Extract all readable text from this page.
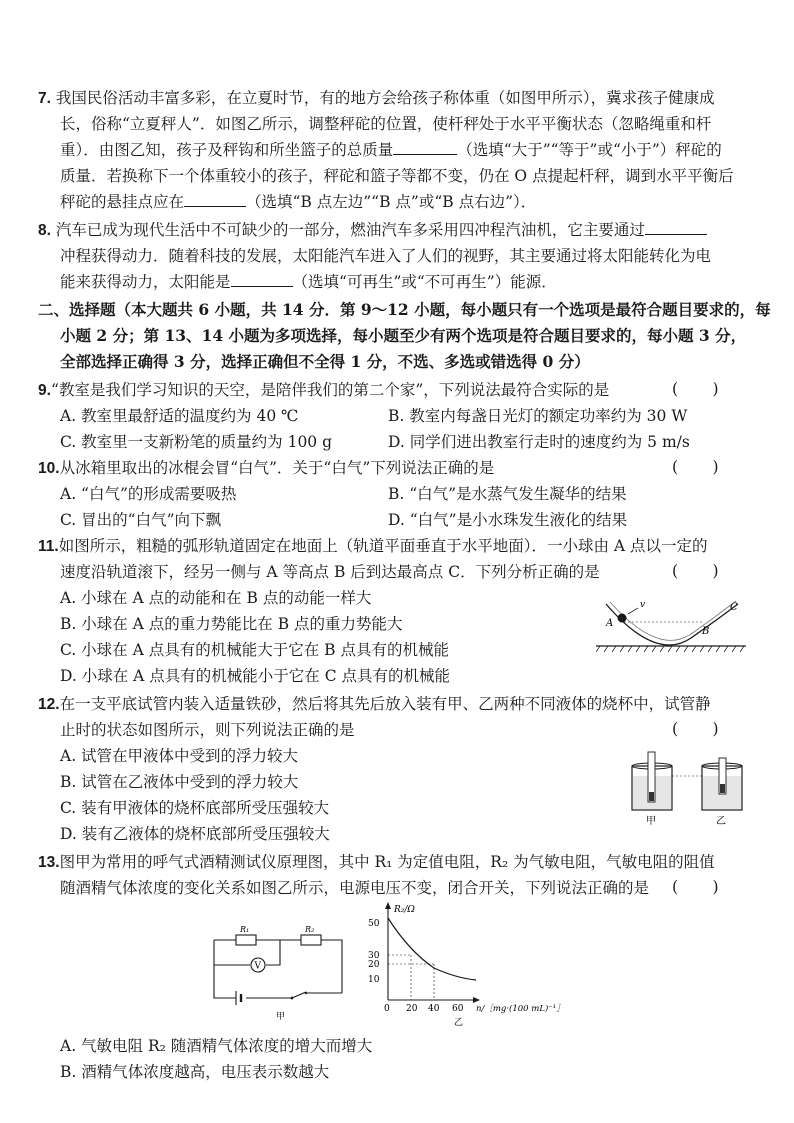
7. 我国民俗活动丰富多彩，在立夏时节，有的地方会给孩子称体重（如图甲所示），冀求孩子健康成
长，俗称“立夏秤人”．如图乙所示，调整秤砣的位置，使杆秤处于水平平衡状态（忽略绳重和杆
重）．由图乙知，孩子及秤钩和所坐篮子的总质量	（选填“大于”“等于”或“小于”）秤砣的
质量．若换称下一个体重较小的孩子，秤砣和篮子等都不变，仍在 O 点提起杆秤，调到水平平衡后
秤砣的悬挂点应在	（选填“B 点左边”“B 点”或“B 点右边”）．
8. 汽车已成为现代生活中不可缺少的一部分，燃油汽车多采用四冲程汽油机，它主要通过
冲程获得动力．随着科技的发展，太阳能汽车进入了人们的视野，其主要通过将太阳能转化为电
能来获得动力，太阳能是	（选填“可再生”或“不可再生”）能源．
二、选择题（本大题共 6 小题，共 14 分．第 9～12 小题，每小题只有一个选项是最符合题目要求的，每
小题 2 分；第 13、14 小题为多项选择，每小题至少有两个选项是符合题目要求的，每小题 3 分，
全部选择正确得 3 分，选择正确但不全得 1 分，不选、多选或错选得 0 分）
9.“教室是我们学习知识的天空，是陪伴我们的第二个家”，下列说法最符合实际的是	(       )
A. 教室里最舒适的温度约为 40 ℃	B. 教室内每盏日光灯的额定功率约为 30 W
C. 教室里一支新粉笔的质量约为 100 g	D. 同学们进出教室行走时的速度约为 5 m/s
10.从冰箱里取出的冰棍会冒“白气”．关于“白气”下列说法正确的是	(       )
A. “白气”的形成需要吸热	B. “白气”是水蒸气发生凝华的结果
C. 冒出的“白气”向下飘	D. “白气”是小水珠发生液化的结果
11.如图所示，粗糙的弧形轨道固定在地面上（轨道平面垂直于水平地面）．一小球由 A 点以一定的
速度沿轨道滚下，经另一侧与 A 等高点 B 后到达最高点 C．下列分析正确的是	(       )
A. 小球在 A 点的动能和在 B 点的动能一样大
B. 小球在 A 点的重力势能比在 B 点的重力势能大
C. 小球在 A 点具有的机械能大于它在 B 点具有的机械能
D. 小球在 A 点具有的机械能小于它在 C 点具有的机械能
v
A
B
C
12.在一支平底试管内装入适量铁砂，然后将其先后放入装有甲、乙两种不同液体的烧杯中，试管静
止时的状态如图所示，则下列说法正确的是	(       )
A. 试管在甲液体中受到的浮力较大
B. 试管在乙液体中受到的浮力较大
C. 装有甲液体的烧杯底部所受压强较大
D. 装有乙液体的烧杯底部所受压强较大
甲	乙
13.图甲为常用的呼气式酒精测试仪原理图，其中 R₁ 为定值电阻，R₂ 为气敏电阻，气敏电阻的阻值
随酒精气体浓度的变化关系如图乙所示，电源电压不变，闭合开关，下列说法正确的是 (       )
R₁	R₂
V
甲
R₂/Ω
50
30
20
10
0 20 40 60 n/［mg·(100 mL)⁻¹］
乙
A. 气敏电阻 R₂ 随酒精气体浓度的增大而增大
B. 酒精气体浓度越高，电压表示数越大
